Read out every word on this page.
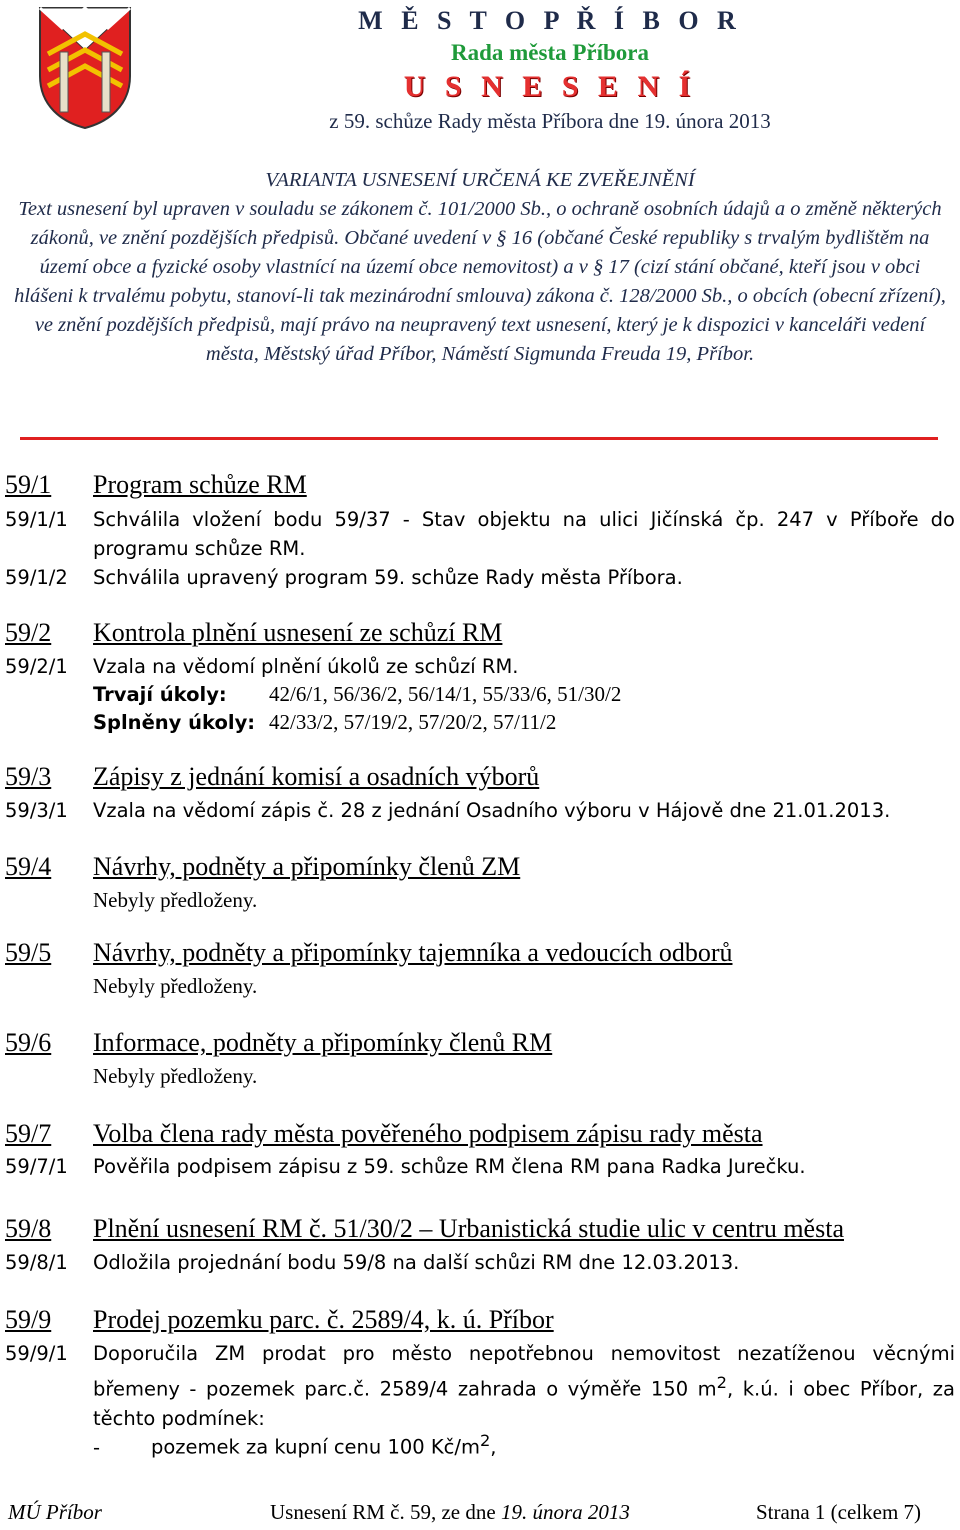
M Ě S T O P Ř Í B O R
Rada města Příbora
U S N E S E N Í
z 59. schůze Rady města Příbora dne 19. února 2013
VARIANTA USNESENÍ URČENÁ KE ZVEŘEJNĚNÍ
Text usnesení byl upraven v souladu se zákonem č. 101/2000 Sb., o ochraně osobních údajů a o změně některých zákonů, ve znění pozdějších předpisů. Občané uvedení v § 16 (občané České republiky s trvalým bydlištěm na území obce a fyzické osoby vlastnící na území obce nemovitost) a v § 17 (cizí stání občané, kteří jsou v obci hlášeni k trvalému pobytu, stanoví-li tak mezinárodní smlouva) zákona č. 128/2000 Sb., o obcích (obecní zřízení), ve znění pozdějších předpisů, mají právo na neupravený text usnesení, který je k dispozici v kanceláři vedení města, Městský úřad Příbor, Náměstí Sigmunda Freuda 19, Příbor.
59/1 Program schůze RM
59/1/1 Schválila vložení bodu 59/37 - Stav objektu na ulici Jičínská čp. 247 v Příboře do programu schůze RM.
59/1/2 Schválila upravený program 59. schůze Rady města Příbora.
59/2 Kontrola plnění usnesení ze schůzí RM
59/2/1 Vzala na vědomí plnění úkolů ze schůzí RM.
Trvají úkoly: 42/6/1, 56/36/2, 56/14/1, 55/33/6, 51/30/2
Splněny úkoly: 42/33/2, 57/19/2, 57/20/2, 57/11/2
59/3 Zápisy z jednání komisí a osadních výborů
59/3/1 Vzala na vědomí zápis č. 28 z jednání Osadního výboru v Hájově dne 21.01.2013.
59/4 Návrhy, podněty a připomínky členů ZM
Nebyly předloženy.
59/5 Návrhy, podněty a připomínky tajemníka a vedoucích odborů
Nebyly předloženy.
59/6 Informace, podněty a připomínky členů RM
Nebyly předloženy.
59/7 Volba člena rady města pověřeného podpisem zápisu rady města
59/7/1 Pověřila podpisem zápisu z 59. schůze RM člena RM pana Radka Jurečku.
59/8 Plnění usnesení RM č. 51/30/2 – Urbanistická studie ulic v centru města
59/8/1 Odložila projednání bodu 59/8 na další schůzi RM dne 12.03.2013.
59/9 Prodej pozemku parc. č. 2589/4, k. ú. Příbor
59/9/1 Doporučila ZM prodat pro město nepotřebnou nemovitost nezatíženou věcnými břemeny - pozemek parc.č. 2589/4 zahrada o výměře 150 $m^2$, k.ú. i obec Příbor, za těchto podmínek:
-	pozemek za kupní cenu 100 $Kč/m^2$,
MÚ Příbor	Usnesení RM č. 59, ze dne 19. února 2013	Strana 1 (celkem 7)
